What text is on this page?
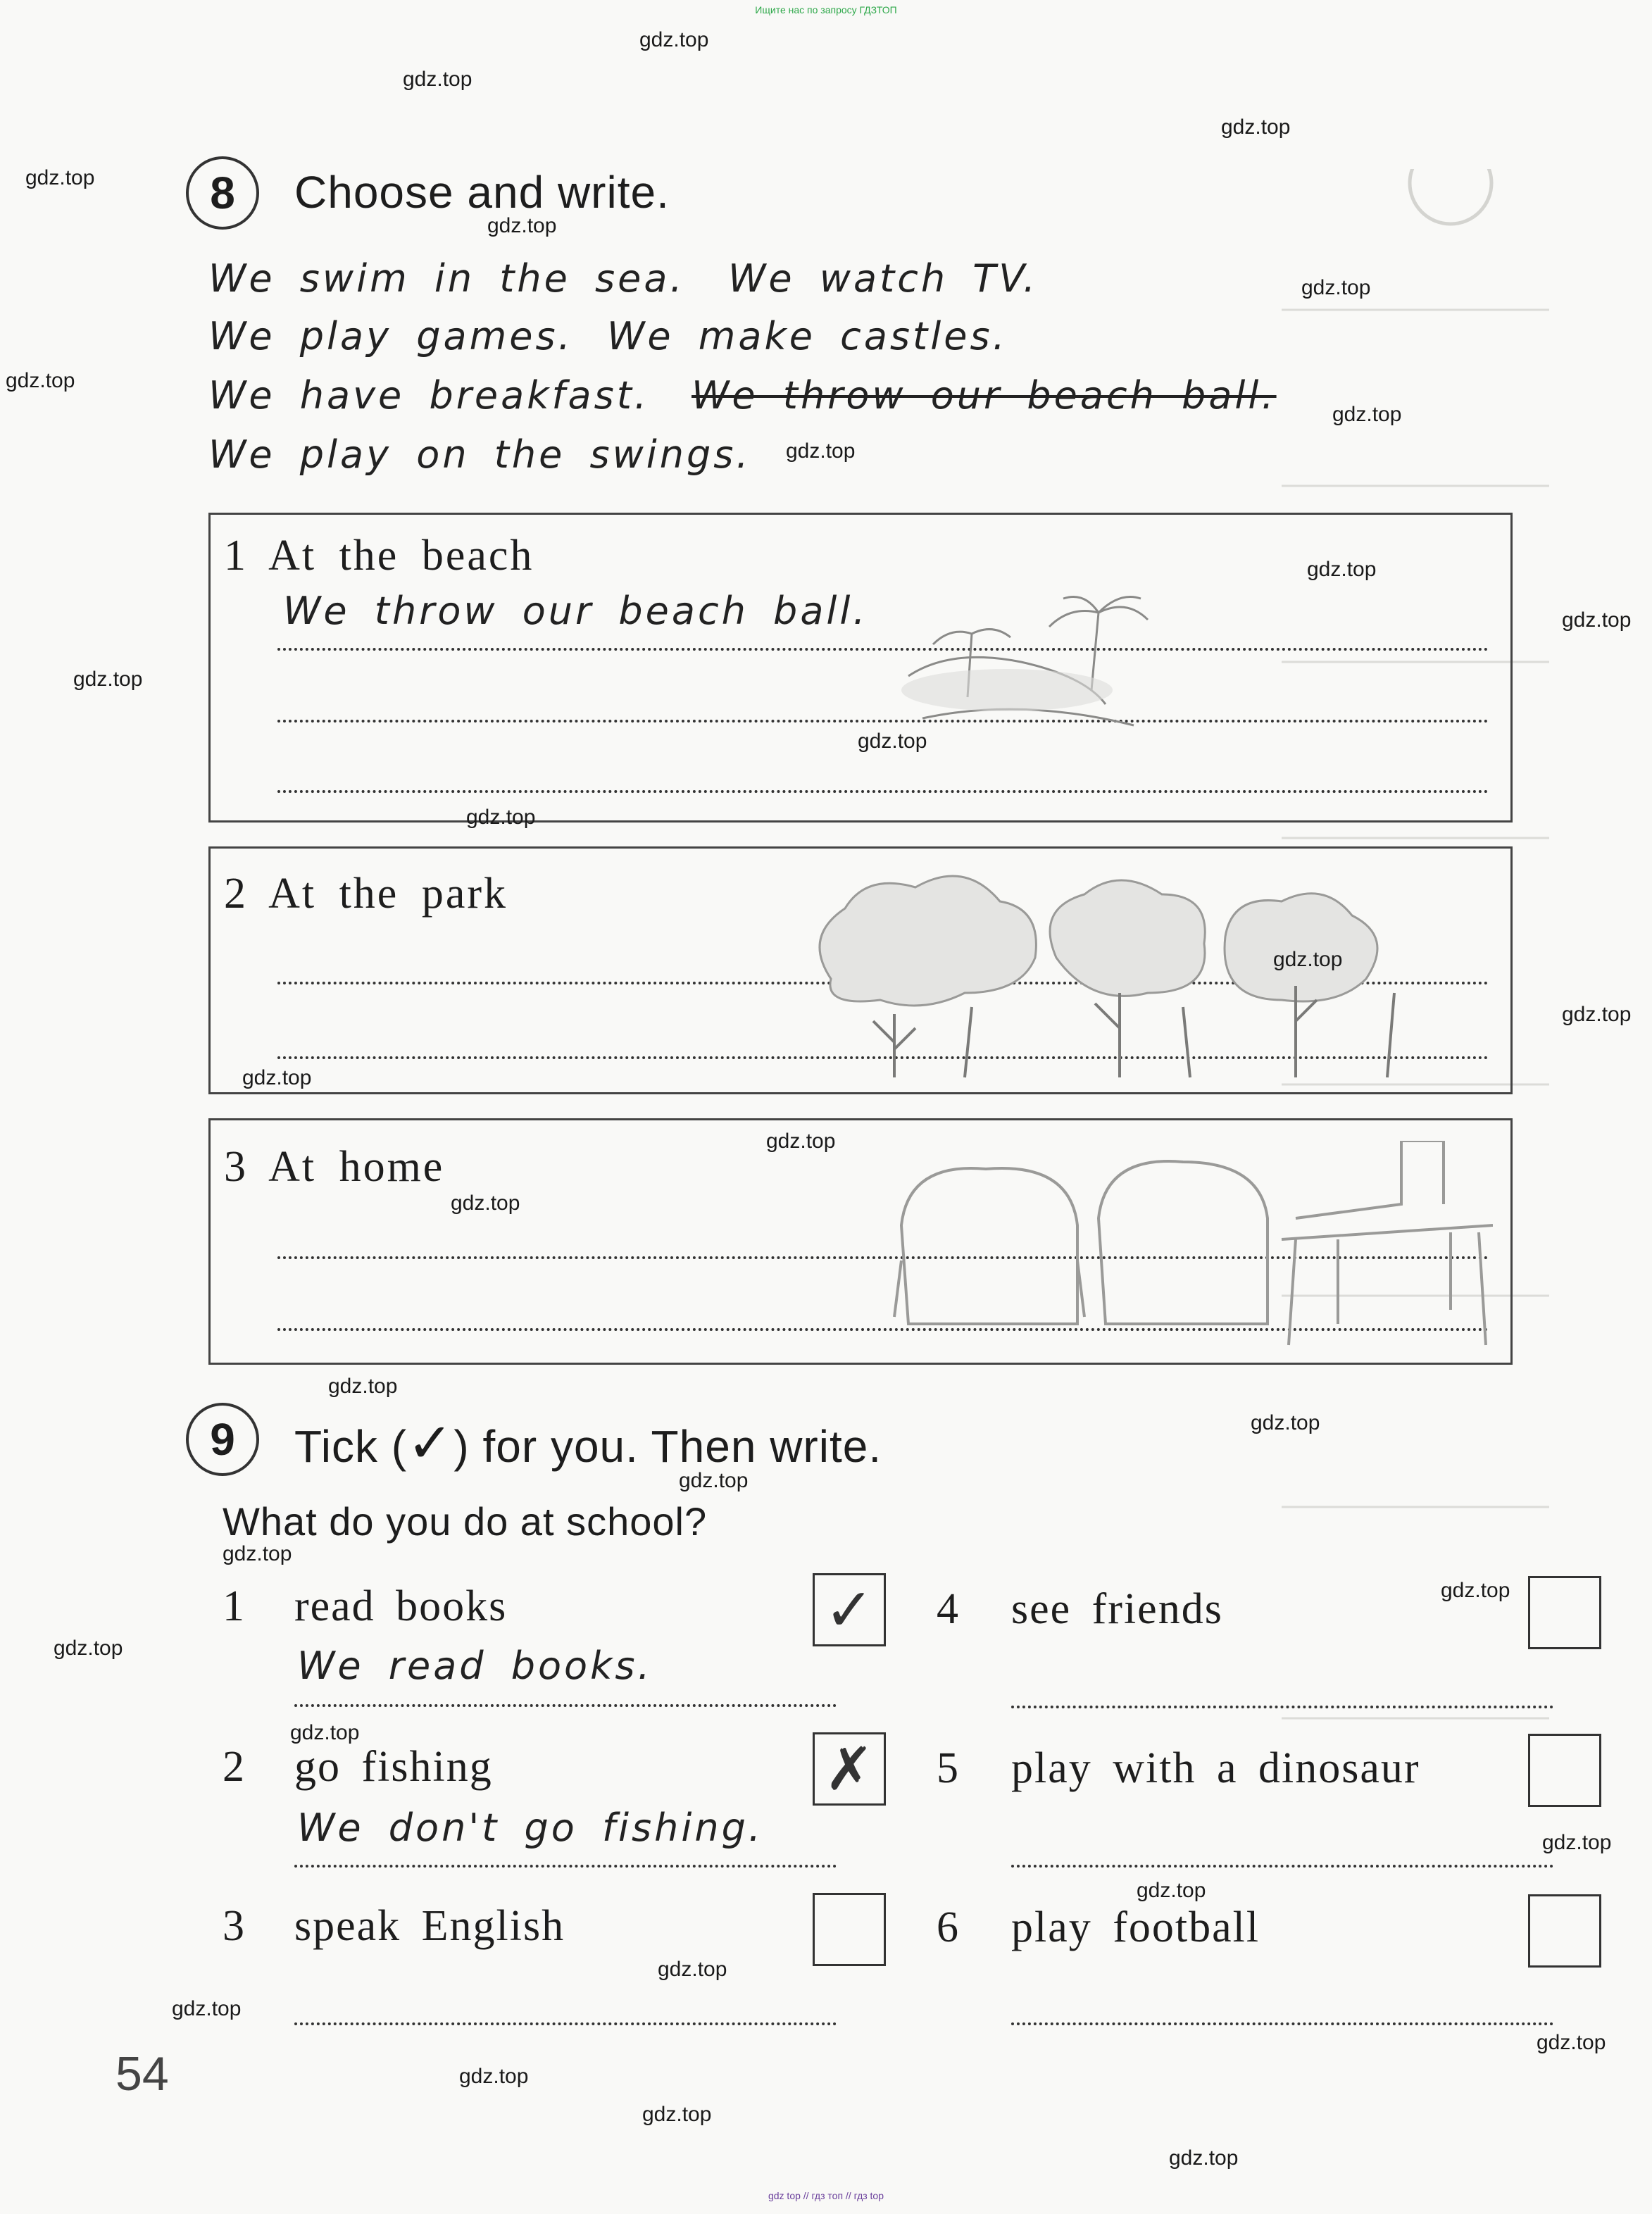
Ищите нас по запросу ГДЗТОП
8	Choose and write.
We swim in the sea. We watch TV.
We play games. We make castles.
We have breakfast. We throw our beach ball.
We play on the swings.
1 At the beach
We throw our beach ball.
2 At the park
3 At home
9	Tick (✓) for you. Then write.
What do you do at school?
1 read books	✓
We read books.
2 go fishing	✗
We don't go fishing.
3 speak English
4 see friends
5 play with a dinosaur
6 play football
54
gdz.top
gdz.top
gdz.top
gdz.top
gdz.top
gdz.top
gdz.top
gdz.top
gdz.top
gdz.top
gdz.top
gdz.top
gdz.top
gdz.top
gdz.top
gdz.top
gdz.top
gdz.top
gdz.top
gdz.top
gdz.top
gdz.top
gdz.top
gdz.top
gdz.top
gdz.top
gdz.top
gdz.top
gdz.top
gdz.top
gdz.top
gdz.top
gdz.top
gdz.top
gdz top // гдз топ // гдз top
